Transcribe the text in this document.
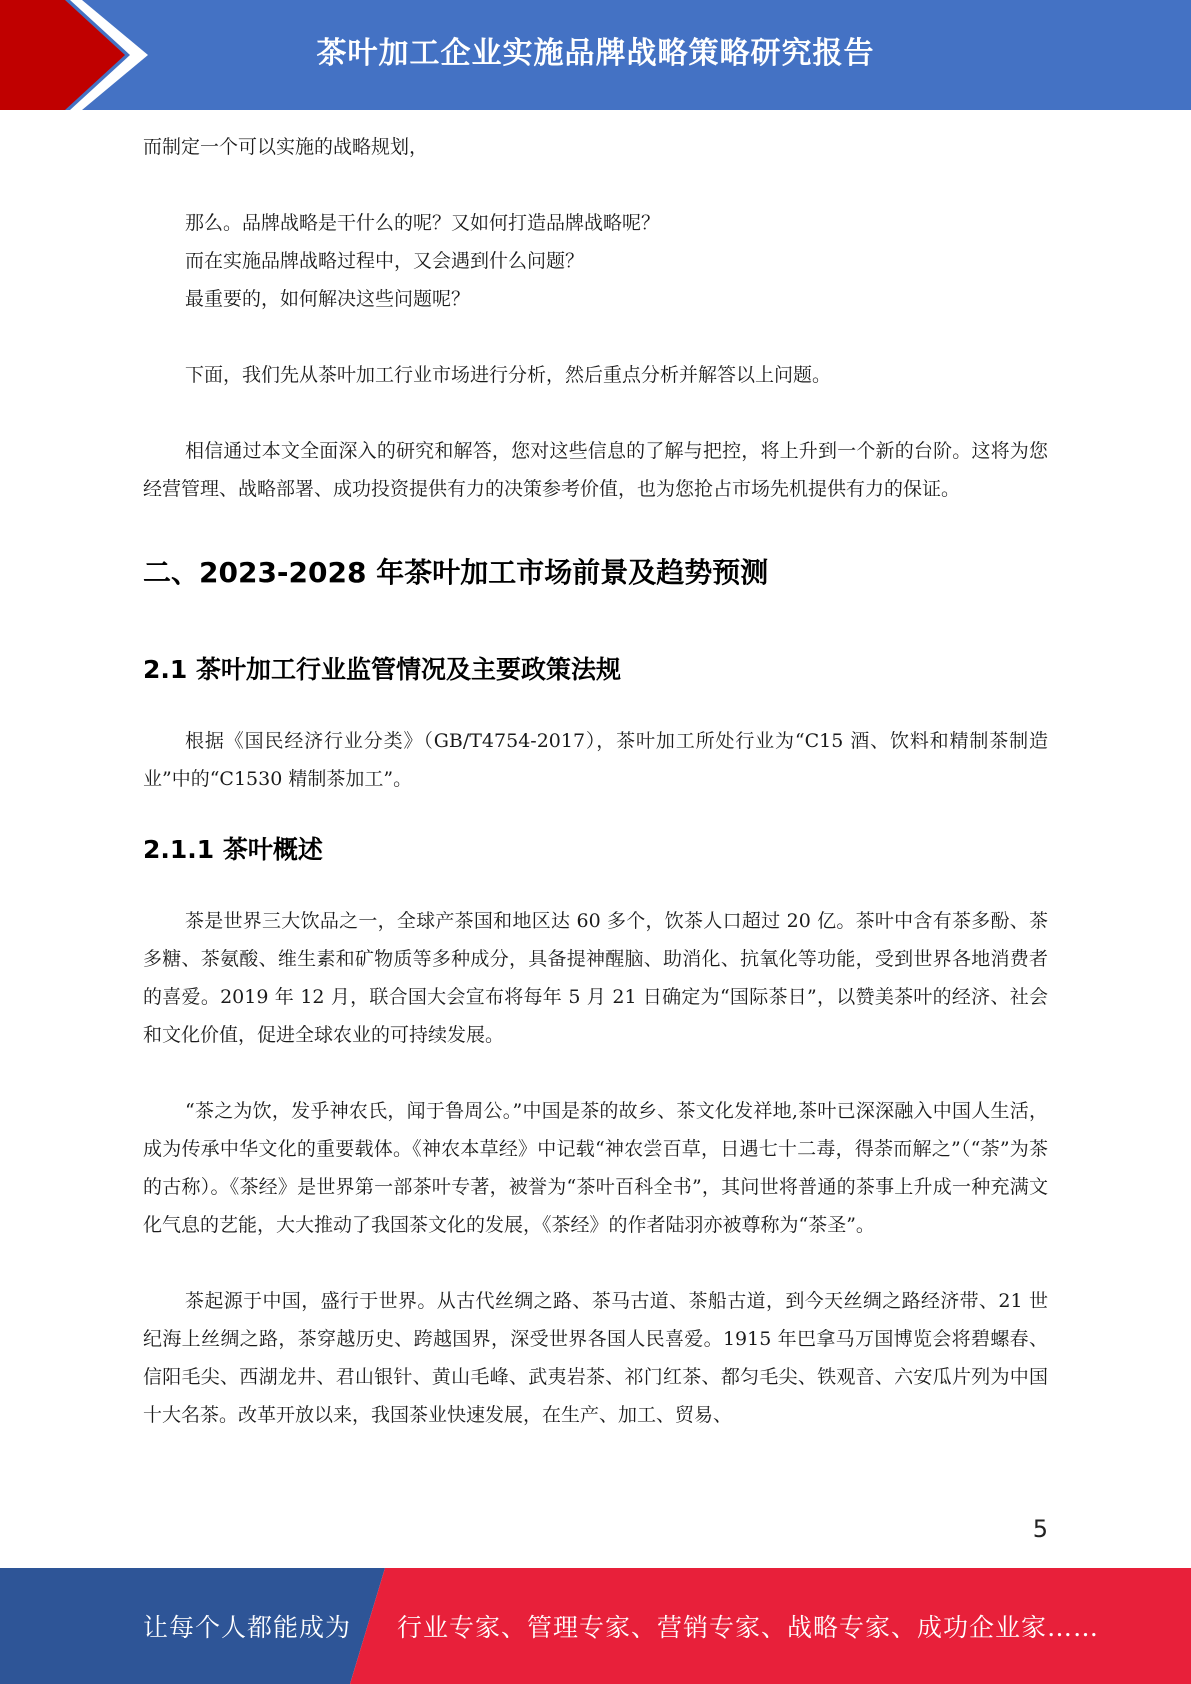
茶叶加工企业实施品牌战略策略研究报告

而制定一个可以实施的战略规划，

那么。品牌战略是干什么的呢？又如何打造品牌战略呢？

而在实施品牌战略过程中，又会遇到什么问题？

最重要的，如何解决这些问题呢？

下面，我们先从茶叶加工行业市场进行分析，然后重点分析并解答以上问题。

相信通过本文全面深入的研究和解答，您对这些信息的了解与把控，将上升到一个新的台阶。这将为您经营管理、战略部署、成功投资提供有力的决策参考价值，也为您抢占市场先机提供有力的保证。

二、2023-2028 年茶叶加工市场前景及趋势预测
2.1 茶叶加工行业监管情况及主要政策法规

根据《国民经济行业分类》（GB/T4754-2017），茶叶加工所处行业为“C15 酒、饮料和精制茶制造业”中的“C1530 精制茶加工”。

2.1.1 茶叶概述

茶是世界三大饮品之一，全球产茶国和地区达 60 多个，饮茶人口超过 20 亿。茶叶中含有茶多酚、茶多糖、茶氨酸、维生素和矿物质等多种成分，具备提神醒脑、助消化、抗氧化等功能，受到世界各地消费者的喜爱。2019 年 12 月，联合国大会宣布将每年 5 月 21 日确定为“国际茶日”，以赞美茶叶的经济、社会和文化价值，促进全球农业的可持续发展。

“茶之为饮，发乎神农氏，闻于鲁周公。”中国是茶的故乡、茶文化发祥地,茶叶已深深融入中国人生活，成为传承中华文化的重要载体。《神农本草经》中记载“神农尝百草，日遇七十二毒，得荼而解之”（“荼”为茶的古称）。《茶经》是世界第一部茶叶专著，被誉为“茶叶百科全书”，其问世将普通的茶事上升成一种充满文化气息的艺能，大大推动了我国茶文化的发展，《茶经》的作者陆羽亦被尊称为“茶圣”。

茶起源于中国，盛行于世界。从古代丝绸之路、茶马古道、茶船古道，到今天丝绸之路经济带、21 世纪海上丝绸之路，茶穿越历史、跨越国界，深受世界各国人民喜爱。1915 年巴拿马万国博览会将碧螺春、信阳毛尖、西湖龙井、君山银针、黄山毛峰、武夷岩茶、祁门红茶、都匀毛尖、铁观音、六安瓜片列为中国十大名茶。改革开放以来，我国茶业快速发展，在生产、加工、贸易、

5
让每个人都能成为 行业专家、管理专家、营销专家、战略专家、成功企业家……
